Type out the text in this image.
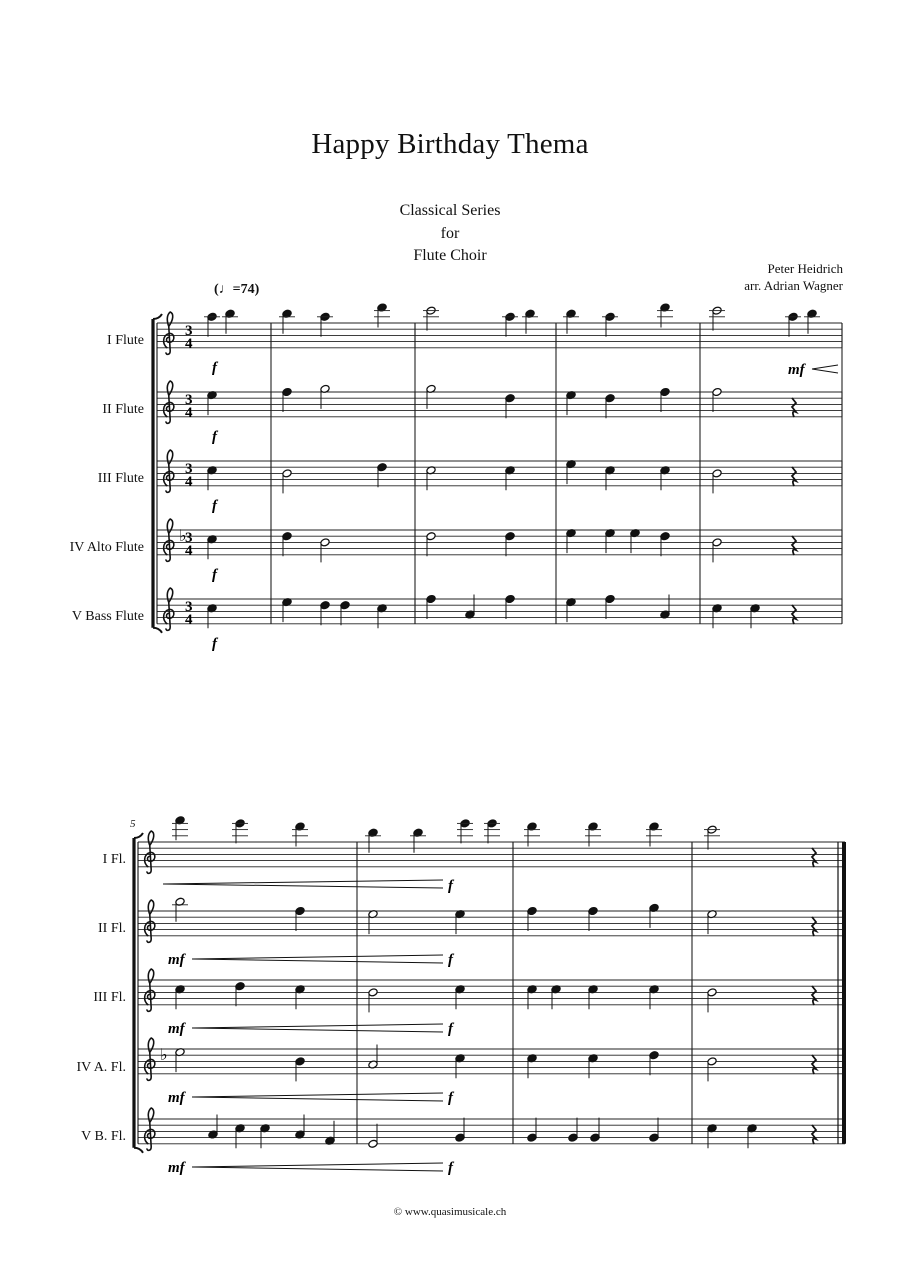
Happy Birthday Thema
Classical Series
for
Flute Choir
Peter Heidrich
arr. Adrian Wagner
(♩=74)
I Flute
II Flute
III Flute
IV Alto Flute
V Bass Flute
I Fl.
II Fl.
III Fl.
IV A. Fl.
V B. Fl.
5
© www.quasimusicale.ch
3
4
3
4
3
4
3
4
♭
3
4
♭
f
f
f
f
f
mf
f
mf	f
mf	f
mf	f
mf	f
